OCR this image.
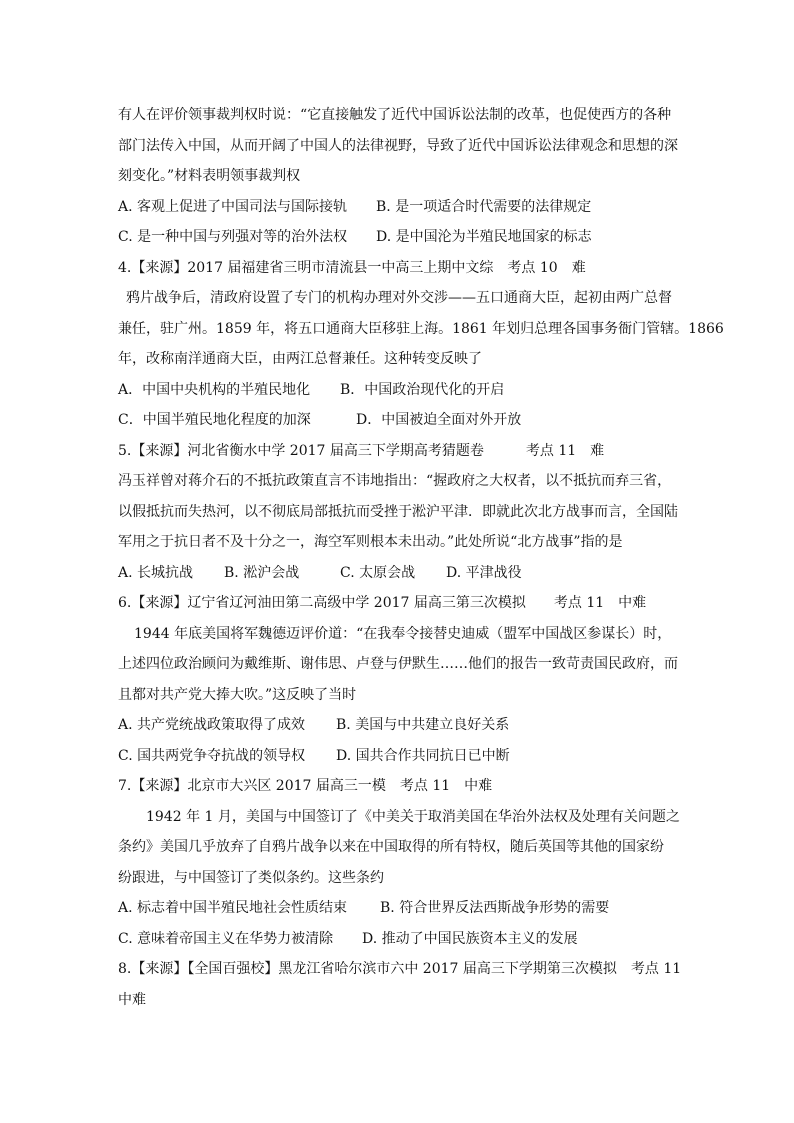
有人在评价领事裁判权时说：“它直接触发了近代中国诉讼法制的改革，也促使西方的各种
部门法传入中国，从而开阔了中国人的法律视野，导致了近代中国诉讼法律观念和思想的深
刻变化。”材料表明领事裁判权
A. 客观上促进了中国司法与国际接轨 B. 是一项适合时代需要的法律规定
C. 是一种中国与列强对等的治外法权 D. 是中国沦为半殖民地国家的标志
4.【来源】2017 届福建省三明市清流县一中高三上期中文综　考点 10　难
鸦片战争后，清政府设置了专门的机构办理对外交涉——五口通商大臣，起初由两广总督
兼任，驻广州。1859 年，将五口通商大臣移驻上海。1861 年划归总理各国事务衙门管辖。1866
年，改称南洋通商大臣，由两江总督兼任。这种转变反映了
A．中国中央机构的半殖民地化 B．中国政治现代化的开启
C．中国半殖民地化程度的加深	D．中国被迫全面对外开放
5.【来源】河北省衡水中学 2017 届高三下学期高考猜题卷　　　考点 11　难
冯玉祥曾对蒋介石的不抵抗政策直言不讳地指出：“握政府之大权者，以不抵抗而弃三省，
以假抵抗而失热河，以不彻底局部抵抗而受挫于淞沪平津．即就此次北方战事而言，全国陆
军用之于抗日者不及十分之一，海空军则根本未出动。”此处所说“北方战事”指的是
A. 长城抗战 B. 淞沪会战	C. 太原会战 D. 平津战役
6.【来源】辽宁省辽河油田第二高级中学 2017 届高三第三次模拟　　考点 11　中难
1944 年底美国将军魏德迈评价道：“在我奉令接替史迪威（盟军中国战区参谋长）时，
上述四位政治顾问为戴维斯、谢伟思、卢登与伊默生……他们的报告一致苛责国民政府，而
且都对共产党大捧大吹。”这反映了当时
A. 共产党统战政策取得了成效 B. 美国与中共建立良好关系
C. 国共两党争夺抗战的领导权 D. 国共合作共同抗日已中断
7.【来源】北京市大兴区 2017 届高三一模　考点 11　中难
1942 年 1 月，美国与中国签订了《中美关于取消美国在华治外法权及处理有关问题之
条约》美国几乎放弃了自鸦片战争以来在中国取得的所有特权，随后英国等其他的国家纷
纷跟进，与中国签订了类似条约。这些条约
A. 标志着中国半殖民地社会性质结束 B. 符合世界反法西斯战争形势的需要
C. 意味着帝国主义在华势力被清除 D. 推动了中国民族资本主义的发展
8.【来源】【全国百强校】黑龙江省哈尔滨市六中 2017 届高三下学期第三次模拟　考点 11
中难
